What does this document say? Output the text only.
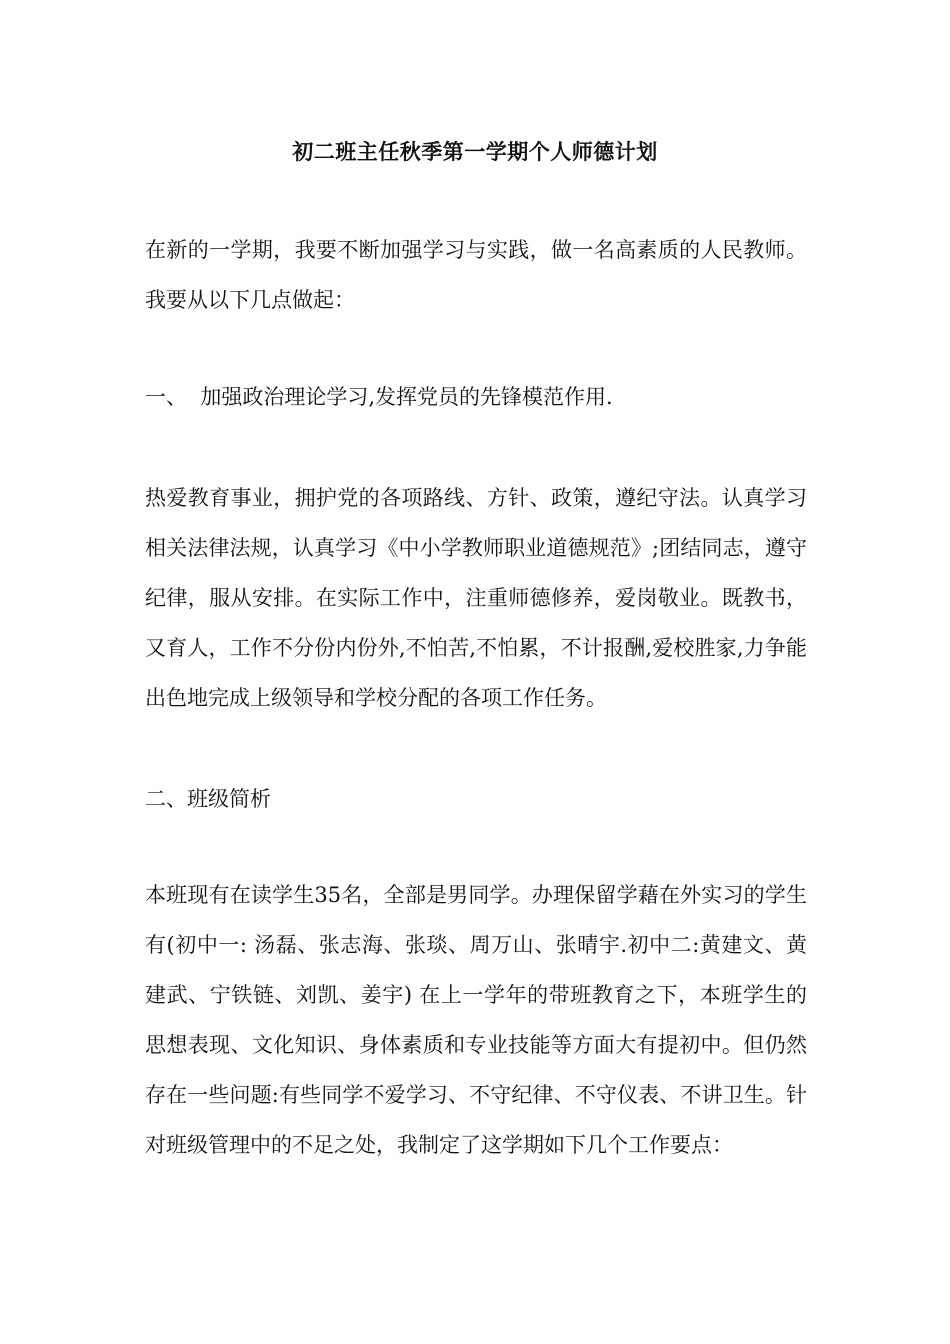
初二班主任秋季第一学期个人师德计划

在新的一学期，我要不断加强学习与实践，做一名高素质的人民教师。我要从以下几点做起：

一、  加强政治理论学习,发挥党员的先锋模范作用.

热爱教育事业，拥护党的各项路线、方针、政策，遵纪守法。认真学习相关法律法规，认真学习《中小学教师职业道德规范》;团结同志，遵守纪律，服从安排。在实际工作中，注重师德修养，爱岗敬业。既教书，又育人，工作不分份内份外,不怕苦,不怕累，不计报酬,爱校胜家,力争能出色地完成上级领导和学校分配的各项工作任务。

二、班级简析

本班现有在读学生35名，全部是男同学。办理保留学藉在外实习的学生有(初中一: 汤磊、张志海、张琰、周万山、张晴宇.初中二:黄建文、黄建武、宁铁链、刘凯、姜宇) 在上一学年的带班教育之下，本班学生的思想表现、文化知识、身体素质和专业技能等方面大有提初中。但仍然存在一些问题:有些同学不爱学习、不守纪律、不守仪表、不讲卫生。针对班级管理中的不足之处，我制定了这学期如下几个工作要点：
